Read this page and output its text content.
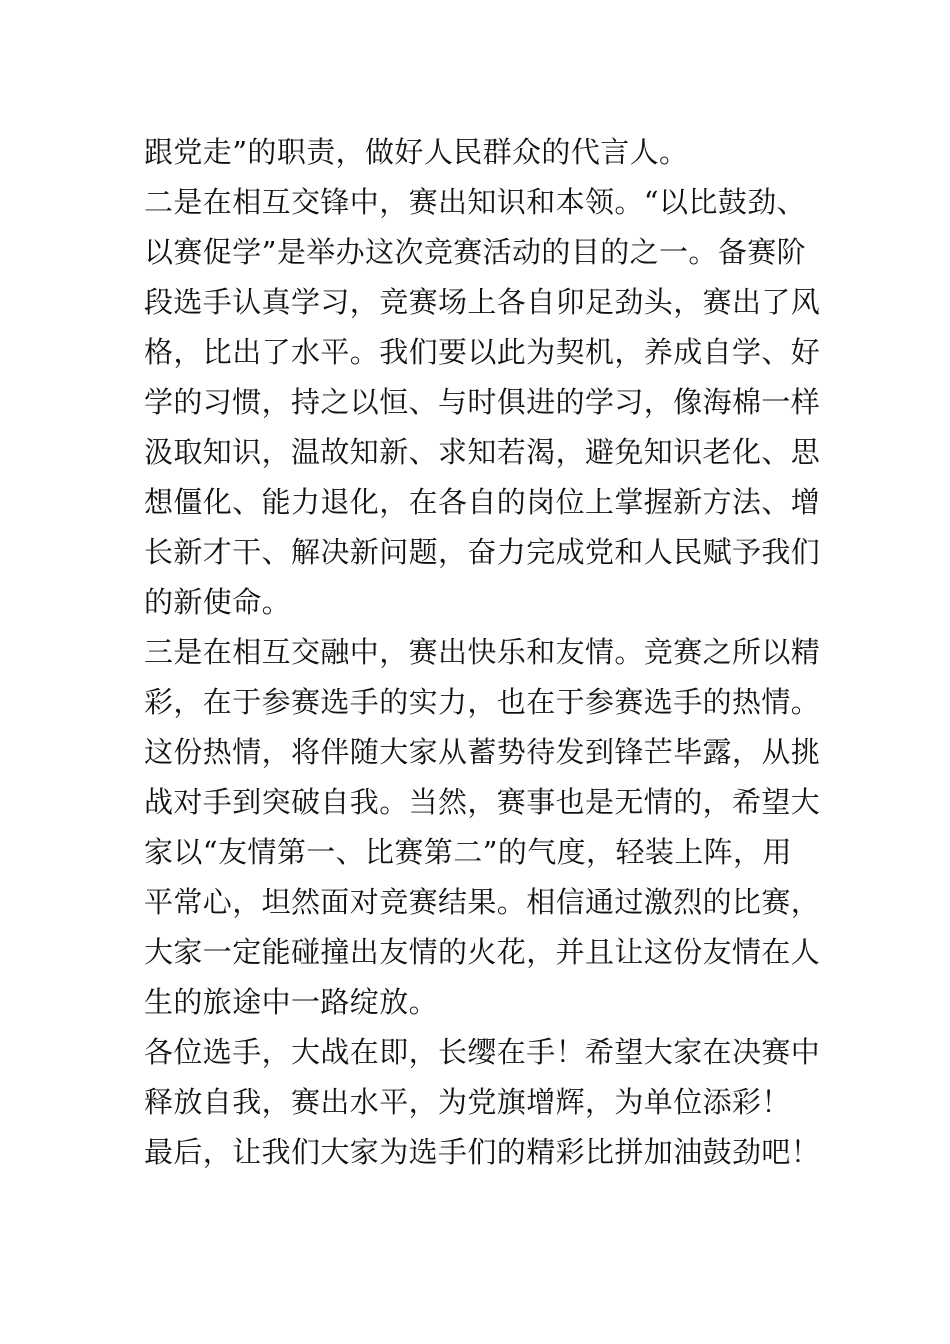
跟党走”的职责，做好人民群众的代言人。
二是在相互交锋中，赛出知识和本领。“以比鼓劲、
以赛促学”是举办这次竞赛活动的目的之一。备赛阶
段选手认真学习，竞赛场上各自卯足劲头，赛出了风
格，比出了水平。我们要以此为契机，养成自学、好
学的习惯，持之以恒、与时俱进的学习，像海棉一样
汲取知识，温故知新、求知若渴，避免知识老化、思
想僵化、能力退化，在各自的岗位上掌握新方法、增
长新才干、解决新问题，奋力完成党和人民赋予我们
的新使命。
三是在相互交融中，赛出快乐和友情。竞赛之所以精
彩，在于参赛选手的实力，也在于参赛选手的热情。
这份热情，将伴随大家从蓄势待发到锋芒毕露，从挑
战对手到突破自我。当然，赛事也是无情的，希望大
家以“友情第一、比赛第二”的气度，轻装上阵，用
平常心，坦然面对竞赛结果。相信通过激烈的比赛，
大家一定能碰撞出友情的火花，并且让这份友情在人
生的旅途中一路绽放。
各位选手，大战在即，长缨在手！希望大家在决赛中
释放自我，赛出水平，为党旗增辉，为单位添彩！
最后，让我们大家为选手们的精彩比拼加油鼓劲吧！
